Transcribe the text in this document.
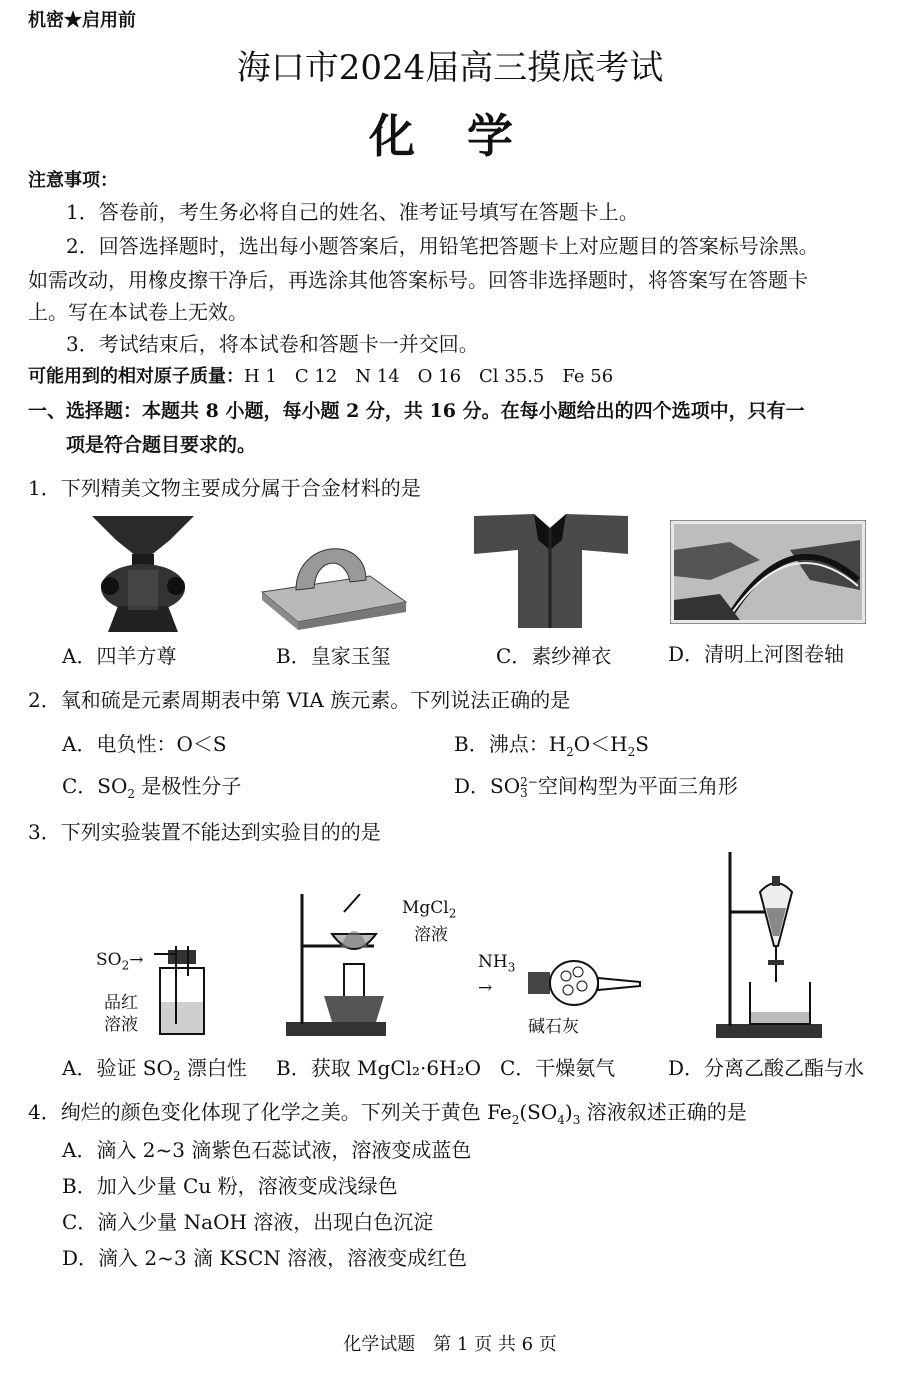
机密★启用前
海口市2024届高三摸底考试
化 学
注意事项：
1．答卷前，考生务必将自己的姓名、准考证号填写在答题卡上。
2．回答选择题时，选出每小题答案后，用铅笔把答题卡上对应题目的答案标号涂黑。
如需改动，用橡皮擦干净后，再选涂其他答案标号。回答非选择题时，将答案写在答题卡
上。写在本试卷上无效。
3．考试结束后，将本试卷和答题卡一并交回。
可能用到的相对原子质量：H 1　C 12　N 14　O 16　Cl 35.5　Fe 56
一、选择题：本题共 8 小题，每小题 2 分，共 16 分。在每小题给出的四个选项中，只有一
项是符合题目要求的。
1．下列精美文物主要成分属于合金材料的是
A．四羊方尊	B．皇家玉玺	C．素纱禅衣	D．清明上河图卷轴
2．氧和硫是元素周期表中第 VIA 族元素。下列说法正确的是
A．电负性：O＜S	B．沸点：$H_2O<H_2S$
C．$SO_2$ 是极性分子	D．SO 2−
3 空间构型为平面三角形
3．下列实验装置不能达到实验目的的是
$SO_2\to$
品红
溶液
MgCl$_2$
溶液
$NH_3$
→
碱石灰
A．验证 $SO_2$ 漂白性 B．获取 MgCl₂·6H₂O C．干燥氨气	D．分离乙酸乙酯与水
4．绚烂的颜色变化体现了化学之美。下列关于黄色 $Fe_2(SO_4)_3$ 溶液叙述正确的是
A．滴入 2~3 滴紫色石蕊试液，溶液变成蓝色
B．加入少量 Cu 粉，溶液变成浅绿色
C．滴入少量 NaOH 溶液，出现白色沉淀
D．滴入 2~3 滴 KSCN 溶液，溶液变成红色
化学试题　第 1 页 共 6 页
